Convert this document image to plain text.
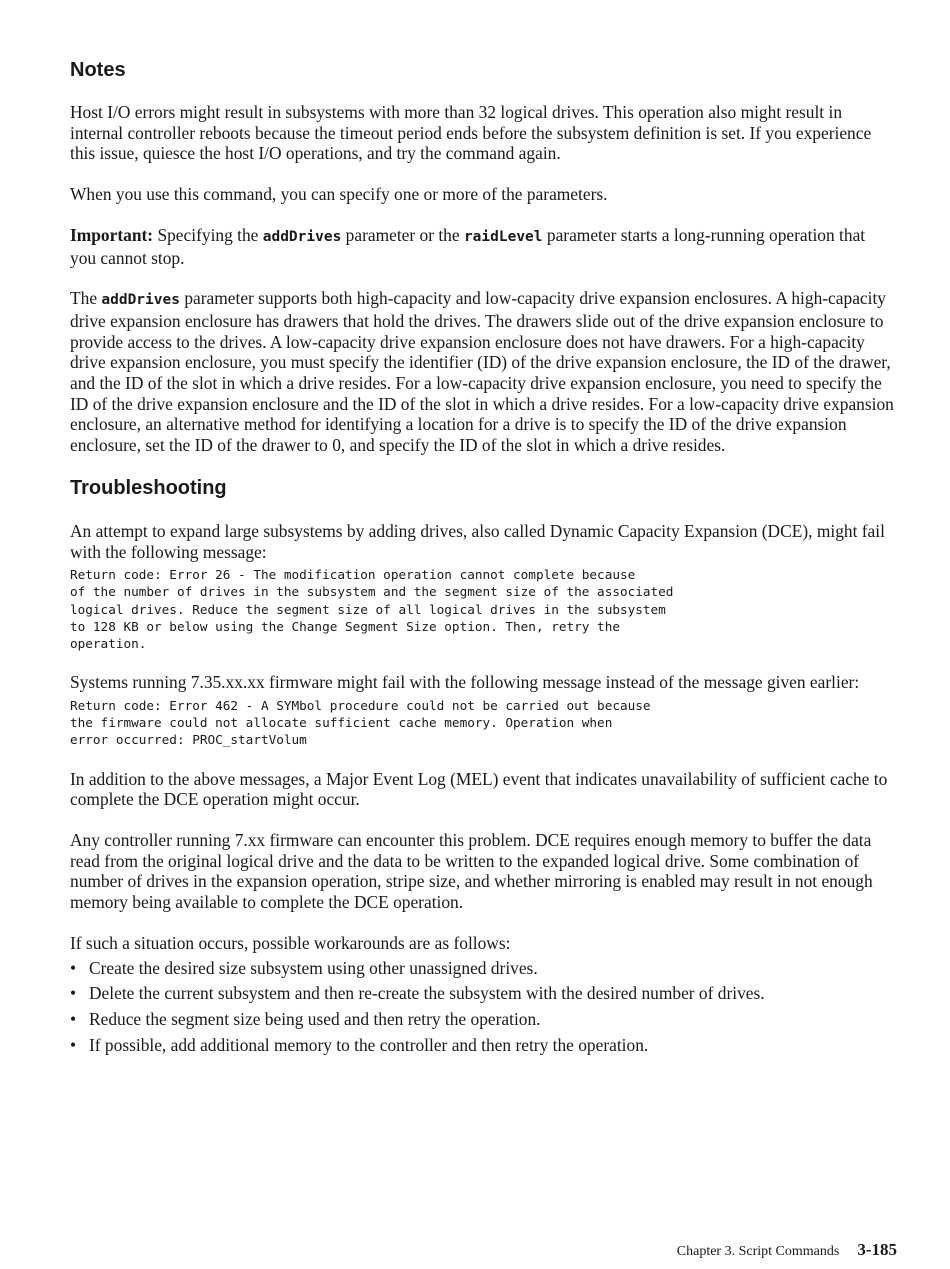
Notes

Host I/O errors might result in subsystems with more than 32 logical drives. This operation also might result in internal controller reboots because the timeout period ends before the subsystem definition is set. If you experience this issue, quiesce the host I/O operations, and try the command again.

When you use this command, you can specify one or more of the parameters.

Important: Specifying the addDrives parameter or the raidLevel parameter starts a long-running operation that you cannot stop.

The addDrives parameter supports both high-capacity and low-capacity drive expansion enclosures. A high-capacity drive expansion enclosure has drawers that hold the drives. The drawers slide out of the drive expansion enclosure to provide access to the drives. A low-capacity drive expansion enclosure does not have drawers. For a high-capacity drive expansion enclosure, you must specify the identifier (ID) of the drive expansion enclosure, the ID of the drawer, and the ID of the slot in which a drive resides. For a low-capacity drive expansion enclosure, you need to specify the ID of the drive expansion enclosure and the ID of the slot in which a drive resides. For a low-capacity drive expansion enclosure, an alternative method for identifying a location for a drive is to specify the ID of the drive expansion enclosure, set the ID of the drawer to 0, and specify the ID of the slot in which a drive resides.

Troubleshooting

An attempt to expand large subsystems by adding drives, also called Dynamic Capacity Expansion (DCE), might fail with the following message:

Return code: Error 26 - The modification operation cannot complete because
of the number of drives in the subsystem and the segment size of the associated
logical drives. Reduce the segment size of all logical drives in the subsystem
to 128 KB or below using the Change Segment Size option. Then, retry the
operation.

Systems running 7.35.xx.xx firmware might fail with the following message instead of the message given earlier:

Return code: Error 462 - A SYMbol procedure could not be carried out because
the firmware could not allocate sufficient cache memory. Operation when
error occurred: PROC_startVolum

In addition to the above messages, a Major Event Log (MEL) event that indicates unavailability of sufficient cache to complete the DCE operation might occur.

Any controller running 7.xx firmware can encounter this problem. DCE requires enough memory to buffer the data read from the original logical drive and the data to be written to the expanded logical drive. Some combination of number of drives in the expansion operation, stripe size, and whether mirroring is enabled may result in not enough memory being available to complete the DCE operation.

If such a situation occurs, possible workarounds are as follows:

• Create the desired size subsystem using other unassigned drives.
• Delete the current subsystem and then re-create the subsystem with the desired number of drives.
• Reduce the segment size being used and then retry the operation.
• If possible, add additional memory to the controller and then retry the operation.
Chapter 3. Script Commands 3-185
